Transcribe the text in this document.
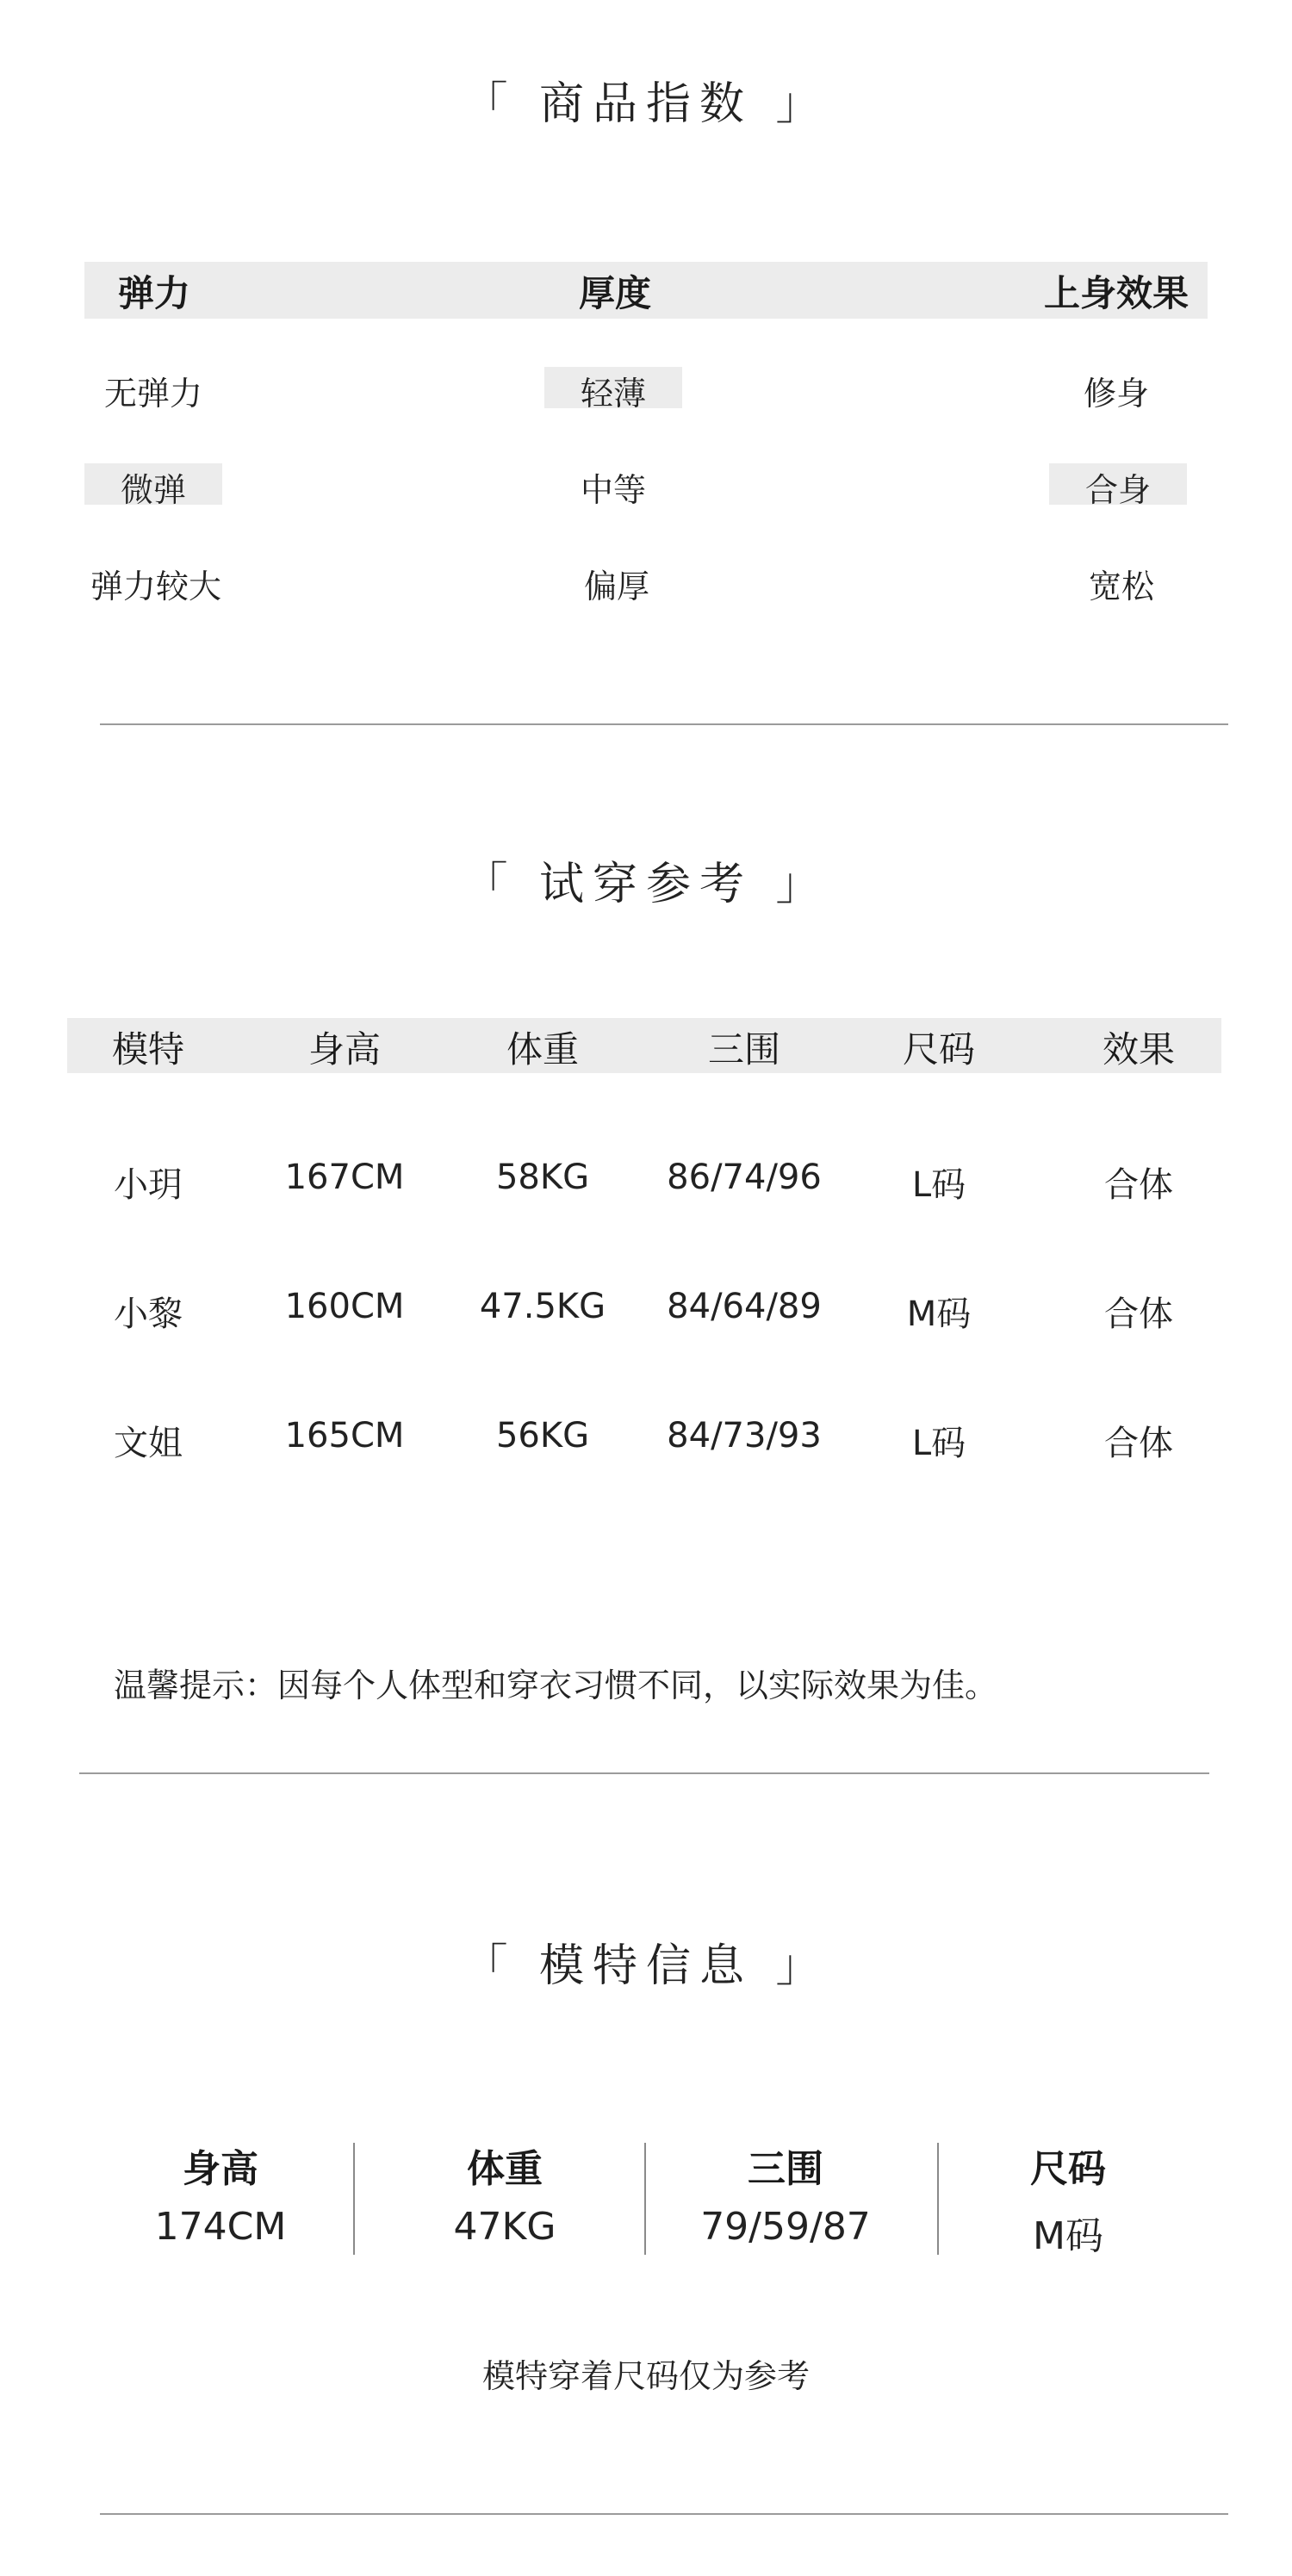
「 商品指数 」
弹力	厚度	上身效果
无弹力	轻薄	修身
微弹	中等	合身
弹力较大	偏厚	宽松
「 试穿参考 」
模特	身高	体重	三围	尺码	效果
小玥	167CM	58KG	86/74/96	L码	合体
小黎	160CM	47.5KG	84/64/89	M码	合体
文姐	165CM	56KG	84/73/93	L码	合体
温馨提示：因每个人体型和穿衣习惯不同，以实际效果为佳。
「 模特信息 」
身高	体重	三围	尺码
174CM	47KG	79/59/87	M码
模特穿着尺码仅为参考
